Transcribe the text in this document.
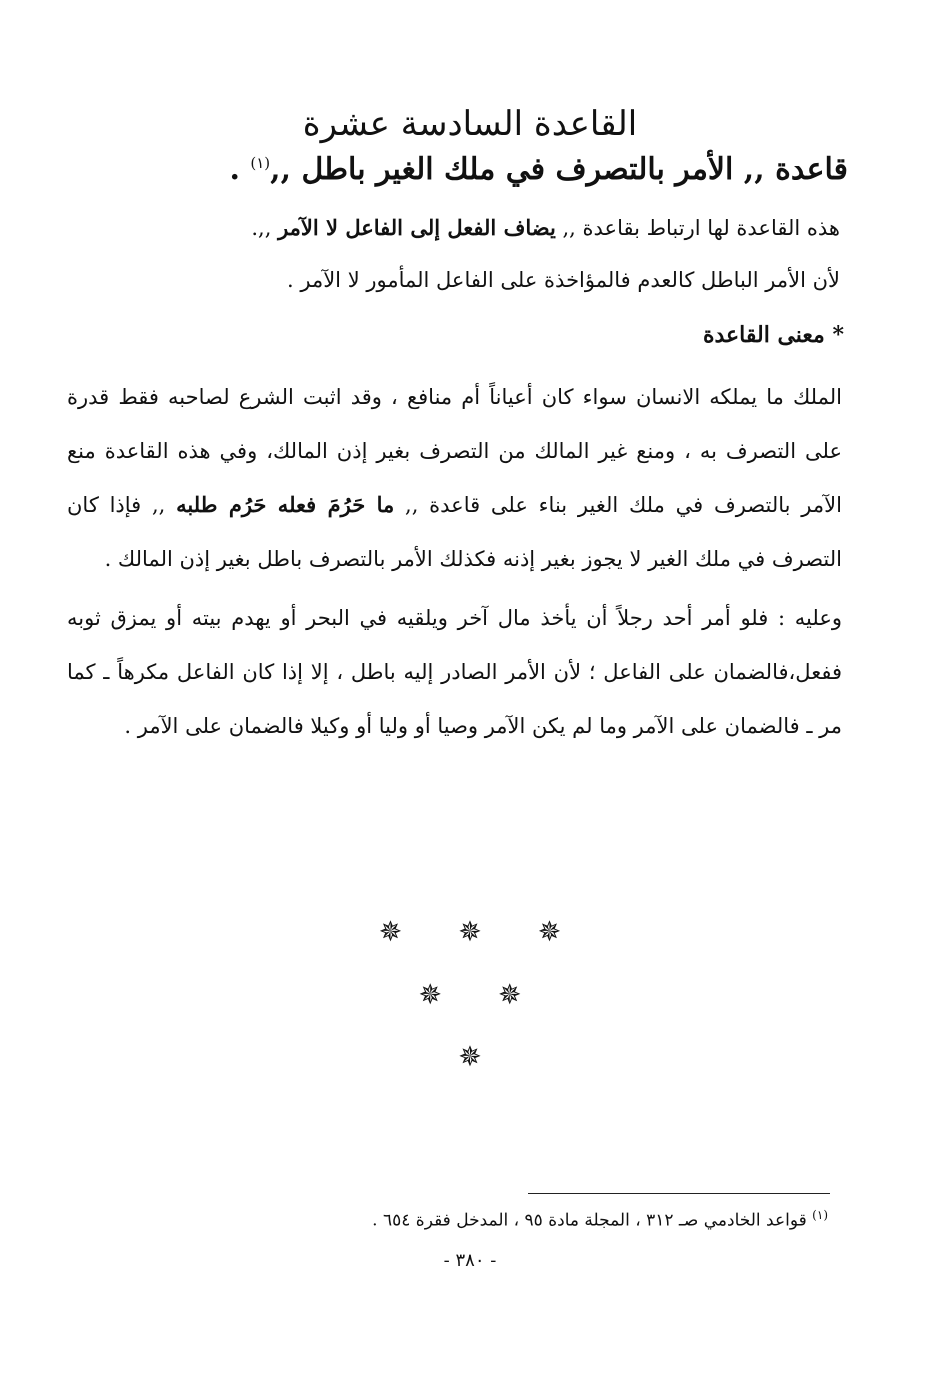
القاعدة السادسة عشرة
قاعدة ,, الأمر بالتصرف في ملك الغير باطل ,,$^{(١)}$ .

هذه القاعدة لها ارتباط بقاعدة ,, يضاف الفعل إلى الفاعل لا الآمر ,,.

لأن الأمر الباطل كالعدم فالمؤاخذة على الفاعل المأمور لا الآمر .

* معنى القاعدة

الملك ما يملكه الانسان سواء كان أعياناً أم منافع ، وقد اثبت الشرع لصاحبه فقط قدرة على التصرف به ، ومنع غير المالك من التصرف بغير إذن المالك، وفي هذه القاعدة منع الآمر بالتصرف في ملك الغير بناء على قاعدة ,, ما حَرُمَ فعله حَرُم طلبه ,, فإذا كان التصرف في ملك الغير لا يجوز بغير إذنه فكذلك الأمر بالتصرف باطل بغير إذن المالك .

وعليه : فلو أمر أحد رجلاً أن يأخذ مال آخر ويلقيه في البحر أو يهدم بيته أو يمزق ثوبه ففعل،فالضمان على الفاعل ؛ لأن الأمر الصادر إليه باطل ، إلا إذا كان الفاعل مكرهاً ـ كما مر ـ فالضمان على الآمر وما لم يكن الآمر وصيا أو وليا أو وكيلا فالضمان على الآمر .

✵✵✵
✵✵
✵

$^{(١)}$ قواعد الخادمي صـ ٣١٢ ، المجلة مادة ٩٥ ، المدخل فقرة ٦٥٤ .

- ٣٨٠ -
